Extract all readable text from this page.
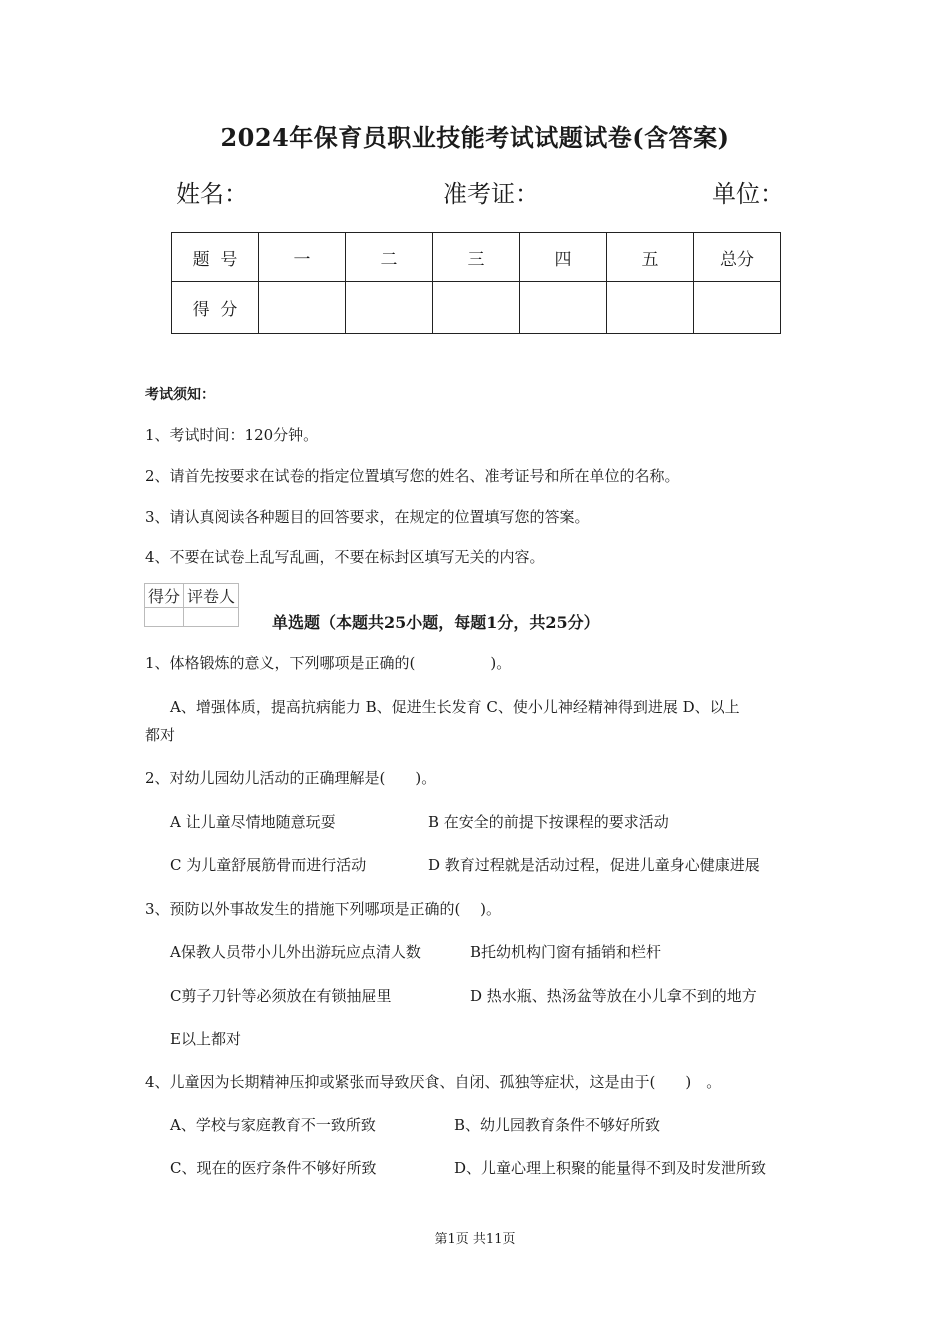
2024年保育员职业技能考试试题试卷(含答案)
姓名：	准考证：	单位：
题  号	一	二	三	四	五	总分
得  分						
考试须知：
1、考试时间：120分钟。
2、请首先按要求在试卷的指定位置填写您的姓名、准考证号和所在单位的名称。
3、请认真阅读各种题目的回答要求，在规定的位置填写您的答案。
4、不要在试卷上乱写乱画，不要在标封区填写无关的内容。
得分	评卷人

单选题（本题共25小题，每题1分，共25分）
1、体格锻炼的意义，下列哪项是正确的(　　　　　)。
A、增强体质，提高抗病能力 B、促进生长发育 C、使小儿神经精神得到进展 D、以上
都对
2、对幼儿园幼儿活动的正确理解是(　　)。
A 让儿童尽情地随意玩耍	B 在安全的前提下按课程的要求活动
C 为儿童舒展筋骨而进行活动	D 教育过程就是活动过程，促进儿童身心健康进展
3、预防以外事故发生的措施下列哪项是正确的(　 )。
A保教人员带小儿外出游玩应点清人数	B托幼机构门窗有插销和栏杆
C剪子刀针等必须放在有锁抽屉里	D 热水瓶、热汤盆等放在小儿拿不到的地方
E以上都对
4、儿童因为长期精神压抑或紧张而导致厌食、自闭、孤独等症状，这是由于(　　)　。
A、学校与家庭教育不一致所致	B、幼儿园教育条件不够好所致
C、现在的医疗条件不够好所致	D、儿童心理上积聚的能量得不到及时发泄所致
第1页 共11页
